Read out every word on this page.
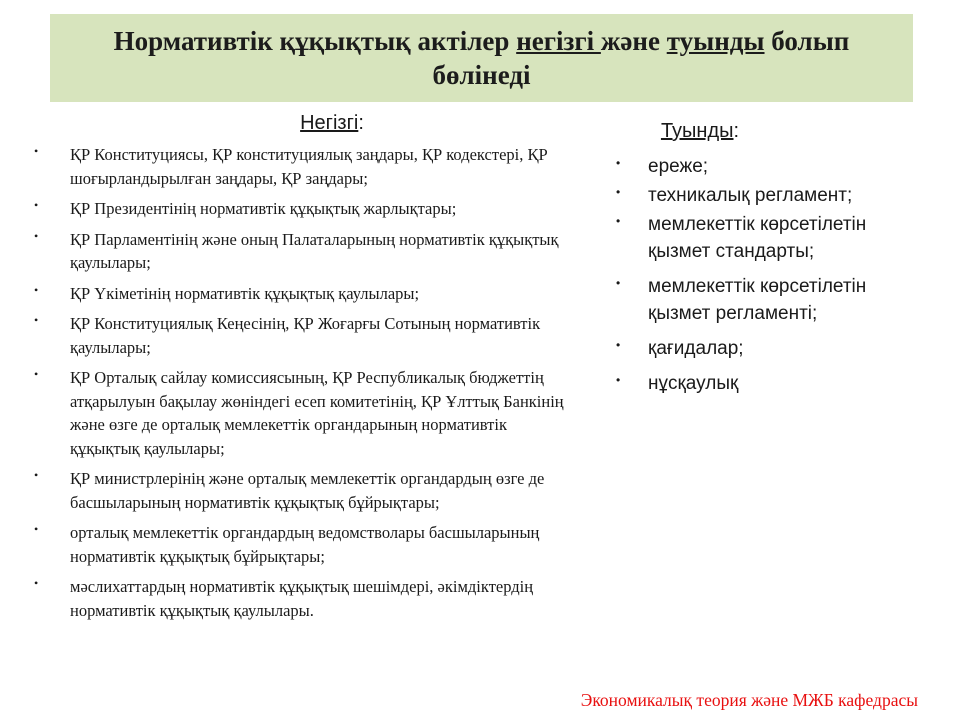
Нормативтік құқықтық актілер негізгі және туынды болып бөлінеді
Негізгі:
• ҚР Конституциясы, ҚР конституциялық заңдары, ҚР кодекстері, ҚР шоғырландырылған заңдары, ҚР заңдары;
• ҚР Президентінің нормативтік құқықтық жарлықтары;
• ҚР Парламентінің және оның Палаталарының нормативтік құқықтық қаулылары;
• ҚР Үкіметінің нормативтік құқықтық қаулылары;
• ҚР Конституциялық Кеңесінің, ҚР Жоғарғы Сотының нормативтік қаулылары;
• ҚР Орталық сайлау комиссиясының, ҚР Республикалық бюджеттің атқарылуын бақылау жөніндегі есеп комитетінің, ҚР Ұлттық Банкінің және өзге де орталық мемлекеттік органдарының нормативтік құқықтық қаулылары;
• ҚР министрлерінің және орталық мемлекеттік органдардың өзге де басшыларының нормативтік құқықтық бұйрықтары;
• орталық мемлекеттік органдардың ведомстволары басшыларының нормативтік құқықтық бұйрықтары;
• мәслихаттардың нормативтік құқықтық шешімдері, әкімдіктердің нормативтік құқықтық қаулылары.
Туынды:
• ереже;
• техникалық регламент;
• мемлекеттік көрсетілетін қызмет стандарты;
• мемлекеттік көрсетілетін қызмет регламенті;
• қағидалар;
• нұсқаулық
Экономикалық теория және МЖБ кафедрасы
